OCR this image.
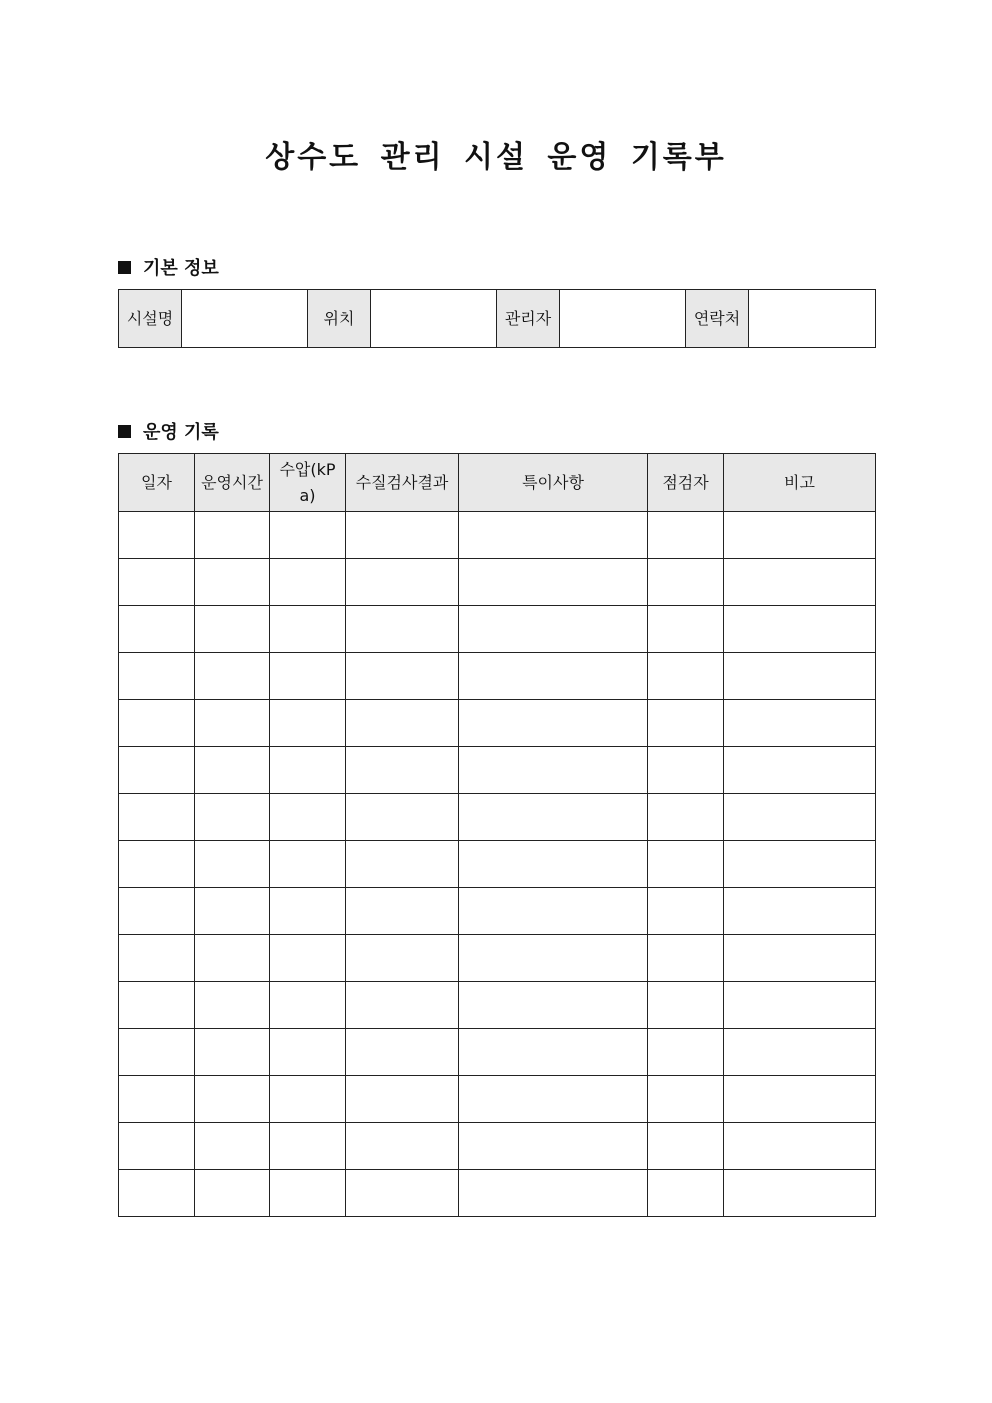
상수도 관리 시설 운영 기록부
기본 정보
시설명		위치		관리자		연락처	
운영 기록
일자	운영시간	수압(kPa)	수질검사결과	특이사항	점검자	비고
